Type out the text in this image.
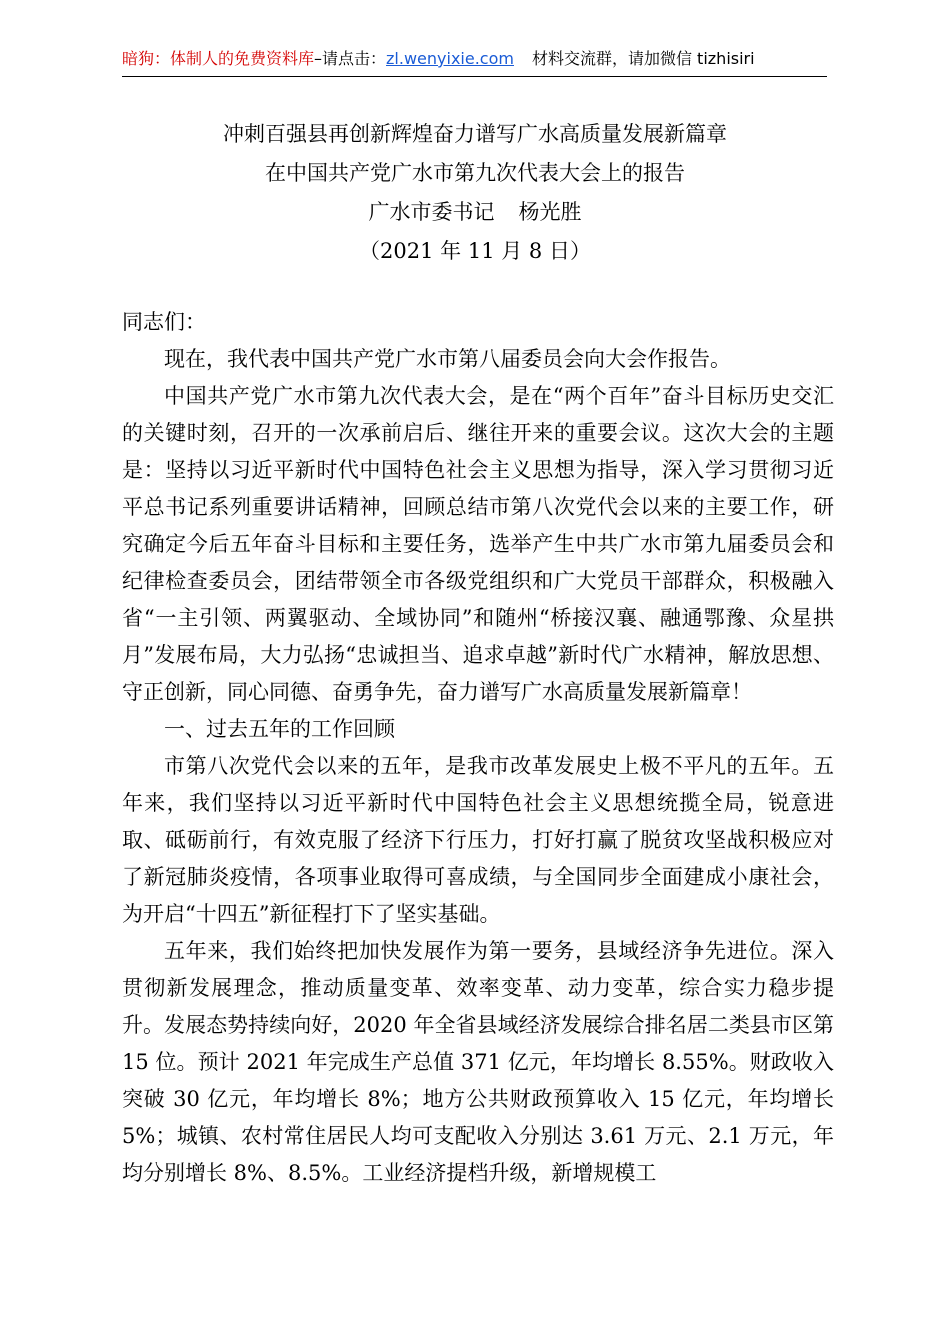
暗狗：体制人的免费资料库–请点击：zl.wenyixie.com 材料交流群，请加微信 tizhisiri
冲刺百强县再创新辉煌奋力谱写广水高质量发展新篇章
在中国共产党广水市第九次代表大会上的报告
广水市委书记 杨光胜
（2021 年 11 月 8 日）

同志们：

现在，我代表中国共产党广水市第八届委员会向大会作报告。

中国共产党广水市第九次代表大会，是在“两个百年”奋斗目标历史交汇的关键时刻，召开的一次承前启后、继往开来的重要会议。这次大会的主题是：坚持以习近平新时代中国特色社会主义思想为指导，深入学习贯彻习近平总书记系列重要讲话精神，回顾总结市第八次党代会以来的主要工作，研究确定今后五年奋斗目标和主要任务，选举产生中共广水市第九届委员会和纪律检查委员会，团结带领全市各级党组织和广大党员干部群众，积极融入省“一主引领、两翼驱动、全域协同”和随州“桥接汉襄、融通鄂豫、众星拱月”发展布局，大力弘扬“忠诚担当、追求卓越”新时代广水精神，解放思想、守正创新，同心同德、奋勇争先，奋力谱写广水高质量发展新篇章！

一、过去五年的工作回顾

市第八次党代会以来的五年，是我市改革发展史上极不平凡的五年。五年来，我们坚持以习近平新时代中国特色社会主义思想统揽全局，锐意进取、砥砺前行，有效克服了经济下行压力，打好打赢了脱贫攻坚战积极应对了新冠肺炎疫情，各项事业取得可喜成绩，与全国同步全面建成小康社会，为开启“十四五”新征程打下了坚实基础。

五年来，我们始终把加快发展作为第一要务，县域经济争先进位。深入贯彻新发展理念，推动质量变革、效率变革、动力变革，综合实力稳步提升。发展态势持续向好，2020 年全省县域经济发展综合排名居二类县市区第 15 位。预计 2021 年完成生产总值 371 亿元，年均增长 8.55%。财政收入突破 30 亿元，年均增长 8%；地方公共财政预算收入 15 亿元，年均增长 5%；城镇、农村常住居民人均可支配收入分别达 3.61 万元、2.1 万元，年均分别增长 8%、8.5%。工业经济提档升级，新增规模工
